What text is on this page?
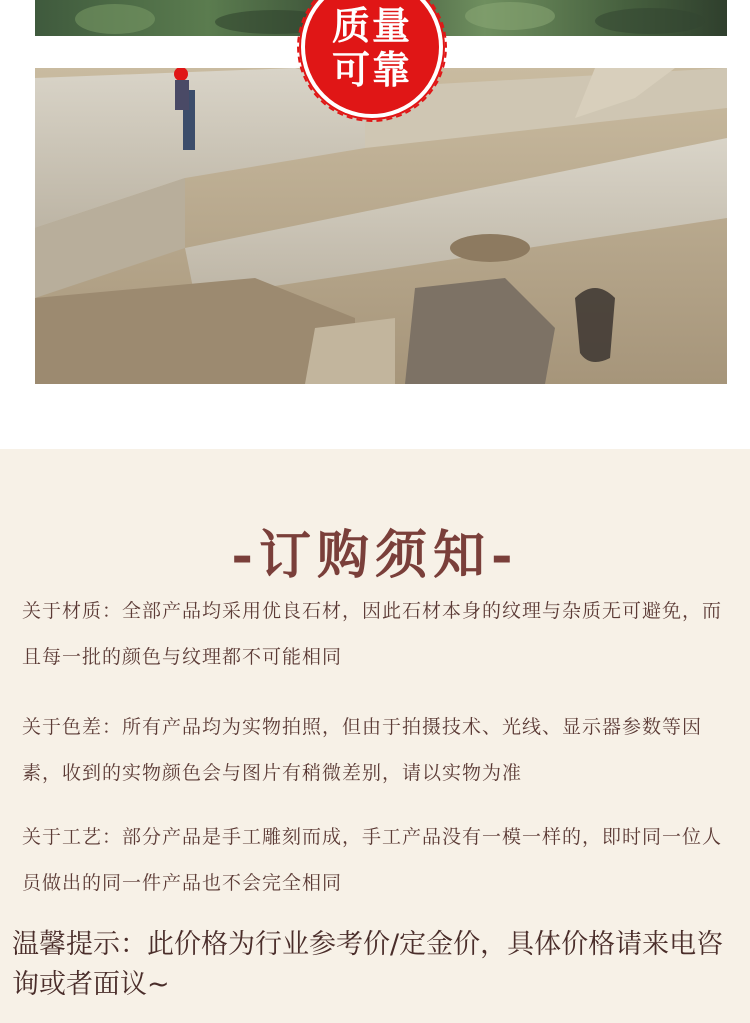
质量
可靠
-订购须知-
关于材质：全部产品均采用优良石材，因此石材本身的纹理与杂质无可避免，而且每一批的颜色与纹理都不可能相同
关于色差：所有产品均为实物拍照，但由于拍摄技术、光线、显示器参数等因素，收到的实物颜色会与图片有稍微差别，请以实物为准
关于工艺：部分产品是手工雕刻而成，手工产品没有一模一样的，即时同一位人员做出的同一件产品也不会完全相同
温馨提示：此价格为行业参考价/定金价，具体价格请来电咨询或者面议~
